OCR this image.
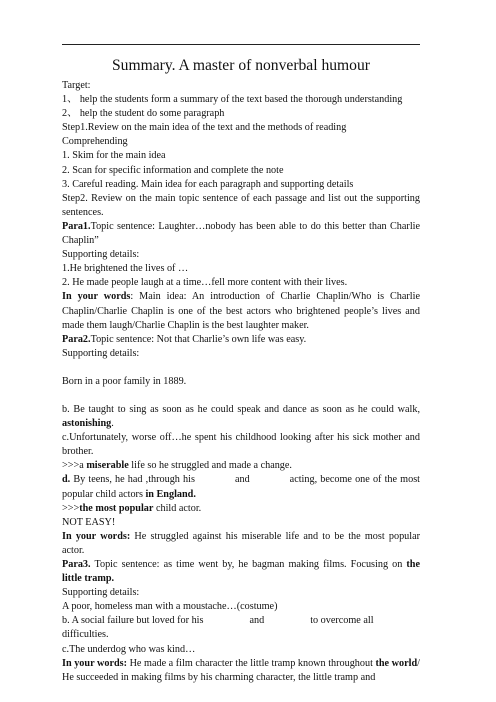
Summary. A master of nonverbal humour

Target:

1、 help the students form a summary of the text based the thorough understanding

2、 help the student do some paragraph

Step1.Review on the main idea of the text and the methods of reading

Comprehending

1. Skim for the main idea

2. Scan for specific information and complete the note

3. Careful reading. Main idea for each paragraph and supporting details

Step2. Review on the main topic sentence of each passage and list out the supporting sentences.

Para1.Topic sentence: Laughter…nobody has been able to do this better than Charlie Chaplin”

Supporting details:

1.He brightened the lives of …

2. He made people laugh at a time…fell more content with their lives.

In your words: Main idea: An introduction of Charlie Chaplin/Who is Charlie Chaplin/Charlie Chaplin is one of the best actors who brightened people’s lives and made them laugh/Charlie Chaplin is the best laughter maker.

Para2.Topic sentence: Not that Charlie’s own life was easy.

Supporting details:

Born in a poor family in 1889.

b. Be taught to sing as soon as he could speak and dance as soon as he could walk, astonishing.

c.Unfortunately, worse off…he spent his childhood looking after his sick mother and brother.

>>>a miserable life so he struggled and made a change.

d. By teens, he had ,through his	and	acting, become one of the most popular child actors in England.

>>>the most popular child actor.

NOT EASY!

In your words: He struggled against his miserable life and to be the most popular actor.

Para3. Topic sentence: as time went by, he bagman making films. Focusing on the little tramp.

Supporting details:

A poor, homeless man with a moustache…(costume)

b. A social failure but loved for his	and	to overcome all difficulties.

c.The underdog who was kind…

In your words: He made a film character the little tramp known throughout the world/ He succeeded in making films by his charming character, the little tramp and
